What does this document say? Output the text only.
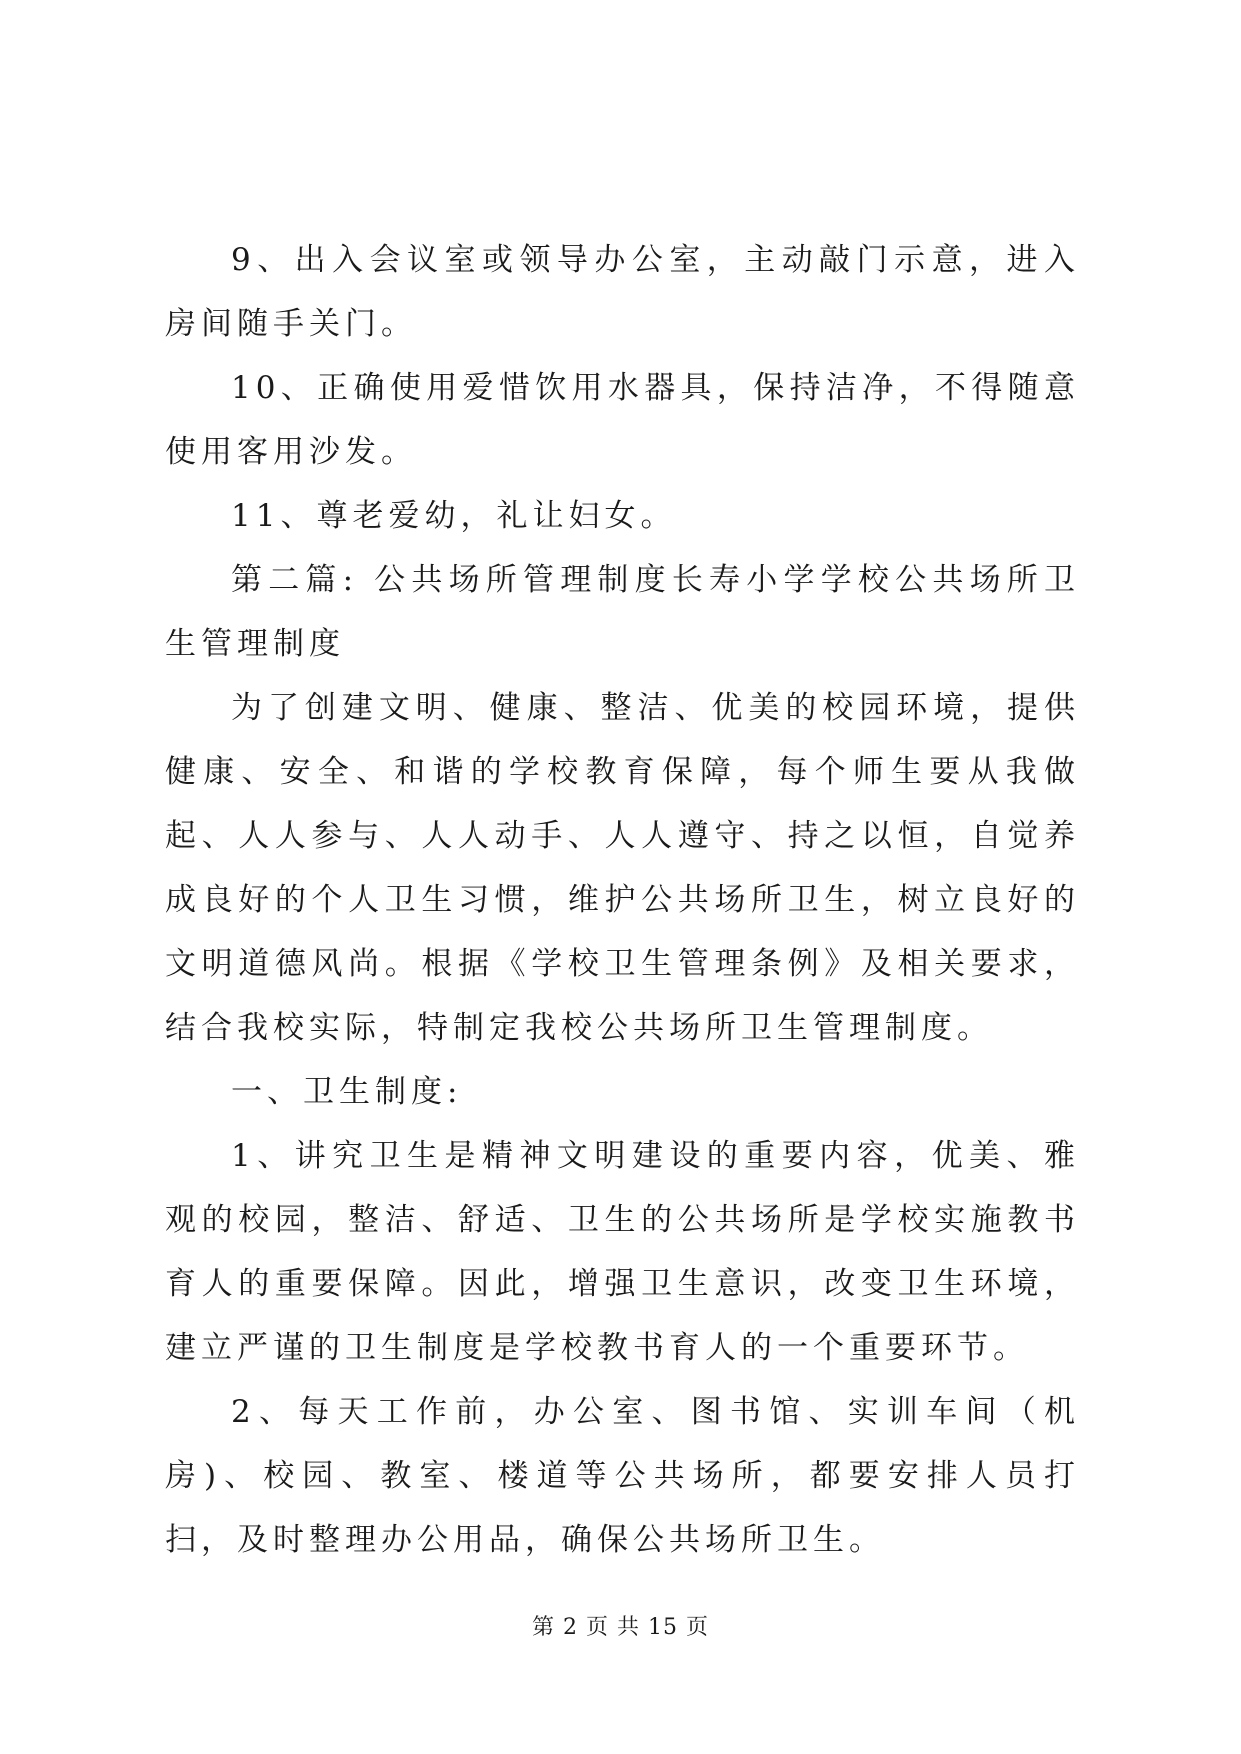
9、出入会议室或领导办公室，主动敲门示意，进入房间随手关门。

10、正确使用爱惜饮用水器具，保持洁净，不得随意使用客用沙发。

11、尊老爱幼，礼让妇女。

第二篇: 公共场所管理制度长寿小学学校公共场所卫生管理制度

为了创建文明、健康、整洁、优美的校园环境，提供健康、安全、和谐的学校教育保障，每个师生要从我做起、人人参与、人人动手、人人遵守、持之以恒，自觉养成良好的个人卫生习惯，维护公共场所卫生，树立良好的文明道德风尚。根据《学校卫生管理条例》及相关要求，结合我校实际，特制定我校公共场所卫生管理制度。

一、卫生制度:

1、讲究卫生是精神文明建设的重要内容，优美、雅观的校园，整洁、舒适、卫生的公共场所是学校实施教书育人的重要保障。因此，增强卫生意识，改变卫生环境，建立严谨的卫生制度是学校教书育人的一个重要环节。

2、每天工作前，办公室、图书馆、实训车间（机房)、校园、教室、楼道等公共场所，都要安排人员打扫，及时整理办公用品，确保公共场所卫生。

第 2 页 共 15 页
